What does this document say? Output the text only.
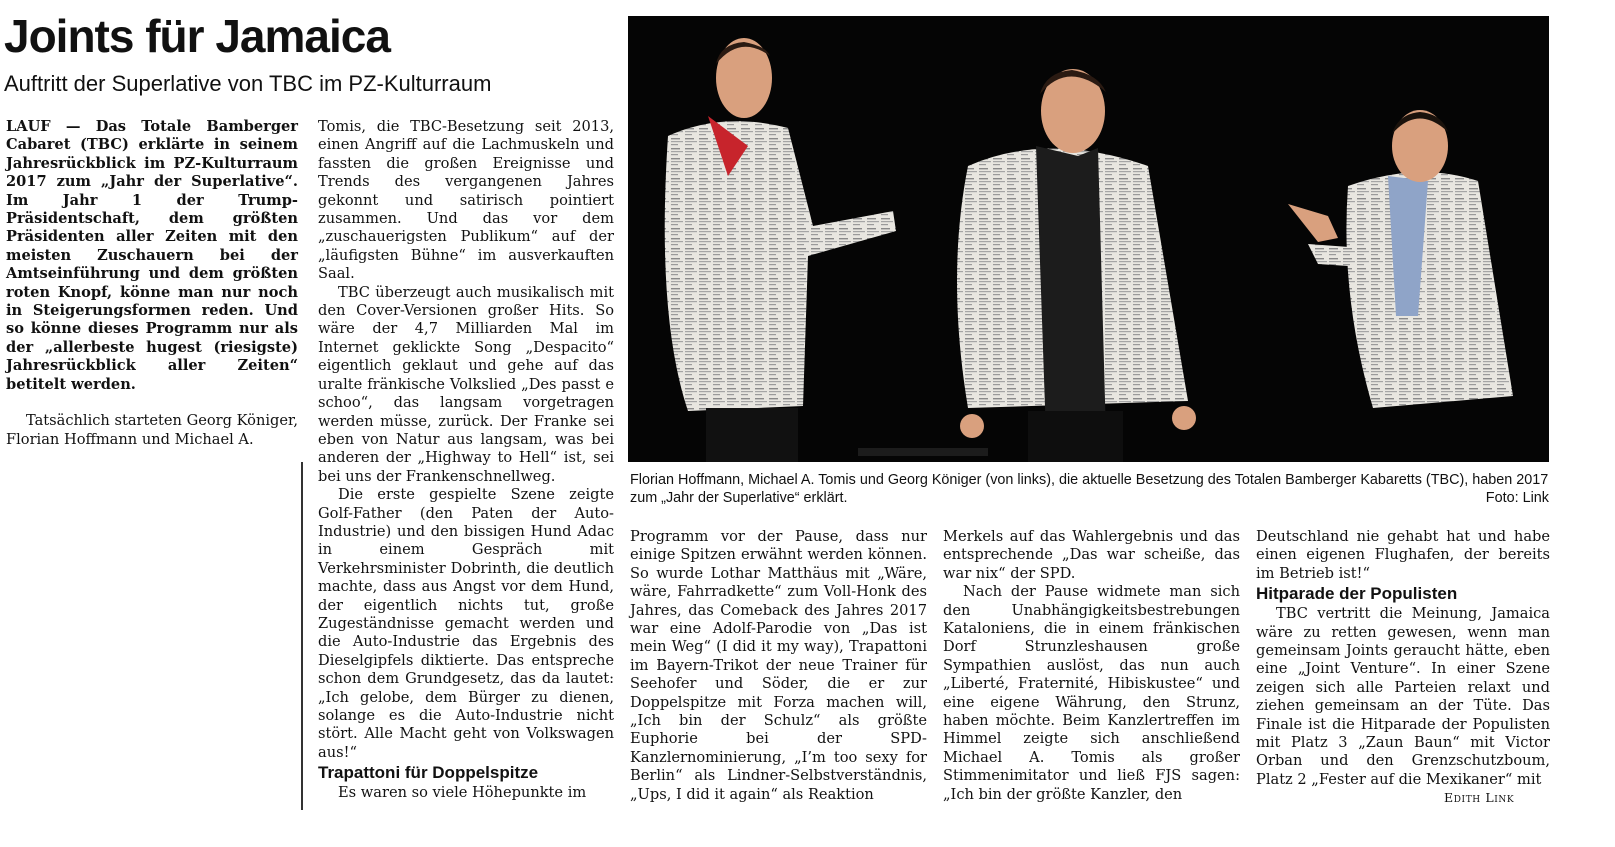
Joints für Jamaica
Auftritt der Superlative von TBC im PZ-Kulturraum

LAUF — Das Totale Bamberger Cabaret (TBC) erklärte in seinem Jahresrückblick im PZ-Kulturraum 2017 zum „Jahr der Superlative“. Im Jahr 1 der Trump-Präsidentschaft, dem größten Präsidenten aller Zeiten mit den meisten Zuschauern bei der Amtseinführung und dem größten roten Knopf, könne man nur noch in Steigerungsformen reden. Und so könne dieses Programm nur als der „allerbeste hugest (riesigste) Jahresrückblick aller Zeiten“ betitelt werden.

Tatsächlich starteten Georg Königer, Florian Hoffmann und Michael A.

Tomis, die TBC-Besetzung seit 2013, einen Angriff auf die Lachmuskeln und fassten die großen Ereignisse und Trends des vergangenen Jahres gekonnt und satirisch pointiert zusammen. Und das vor dem „zuschauerigsten Publikum“ auf der „läufigsten Bühne“ im ausverkauften Saal.

TBC überzeugt auch musikalisch mit den Cover-Versionen großer Hits. So wäre der 4,7 Milliarden Mal im Internet geklickte Song „Despacito“ eigentlich geklaut und gehe auf das uralte fränkische Volkslied „Des passt e schoo“, das langsam vorgetragen werden müsse, zurück. Der Franke sei eben von Natur aus langsam, was bei anderen der „Highway to Hell“ ist, sei bei uns der Frankenschnellweg.

Die erste gespielte Szene zeigte Golf-Father (den Paten der Auto-Industrie) und den bissigen Hund Adac in einem Gespräch mit Verkehrsminister Dobrinth, die deutlich machte, dass aus Angst vor dem Hund, der eigentlich nichts tut, große Zugeständnisse gemacht werden und die Auto-Industrie das Ergebnis des Dieselgipfels diktierte. Das entspreche schon dem Grundgesetz, das da lautet: „Ich gelobe, dem Bürger zu dienen, solange es die Auto-Industrie nicht stört. Alle Macht geht von Volkswagen aus!“

Trapattoni für Doppelspitze

Es waren so viele Höhepunkte im

Programm vor der Pause, dass nur einige Spitzen erwähnt werden können. So wurde Lothar Matthäus mit „Wäre, wäre, Fahrradkette“ zum Voll-Honk des Jahres, das Comeback des Jahres 2017 war eine Adolf-Parodie von „Das ist mein Weg“ (I did it my way), Trapattoni im Bayern-Trikot der neue Trainer für Seehofer und Söder, die er zur Doppelspitze mit Forza machen will, „Ich bin der Schulz“ als größte Euphorie bei der SPD-Kanzlernominierung, „I’m too sexy for Berlin“ als Lindner-Selbstverständnis, „Ups, I did it again“ als Reaktion

Merkels auf das Wahlergebnis und das entsprechende „Das war scheiße, das war nix“ der SPD.

Nach der Pause widmete man sich den Unabhängigkeitsbestrebungen Kataloniens, die in einem fränkischen Dorf Strunzleshausen große Sympathien auslöst, das nun auch „Liberté, Fraternité, Hibiskustee“ und eine eigene Währung, den Strunz, haben möchte. Beim Kanzlertreffen im Himmel zeigte sich anschließend Michael A. Tomis als großer Stimmenimitator und ließ FJS sagen: „Ich bin der größte Kanzler, den

Deutschland nie gehabt hat und habe einen eigenen Flughafen, der bereits im Betrieb ist!“

Hitparade der Populisten

TBC vertritt die Meinung, Jamaica wäre zu retten gewesen, wenn man gemeinsam Joints geraucht hätte, eben eine „Joint Venture“. In einer Szene zeigen sich alle Parteien relaxt und ziehen gemeinsam an der Tüte. Das Finale ist die Hitparade der Populisten mit Platz 3 „Zaun Baun“ mit Victor Orban und den Grenzschutzboum, Platz 2 „Fester auf die Mexikaner“ mit

Florian Hoffmann, Michael A. Tomis und Georg Königer (von links), die aktuelle Besetzung des Totalen Bamberger Kabaretts (TBC), haben 2017 zum „Jahr der Superlative“ erklärt.	Foto: Link
Edith Link
